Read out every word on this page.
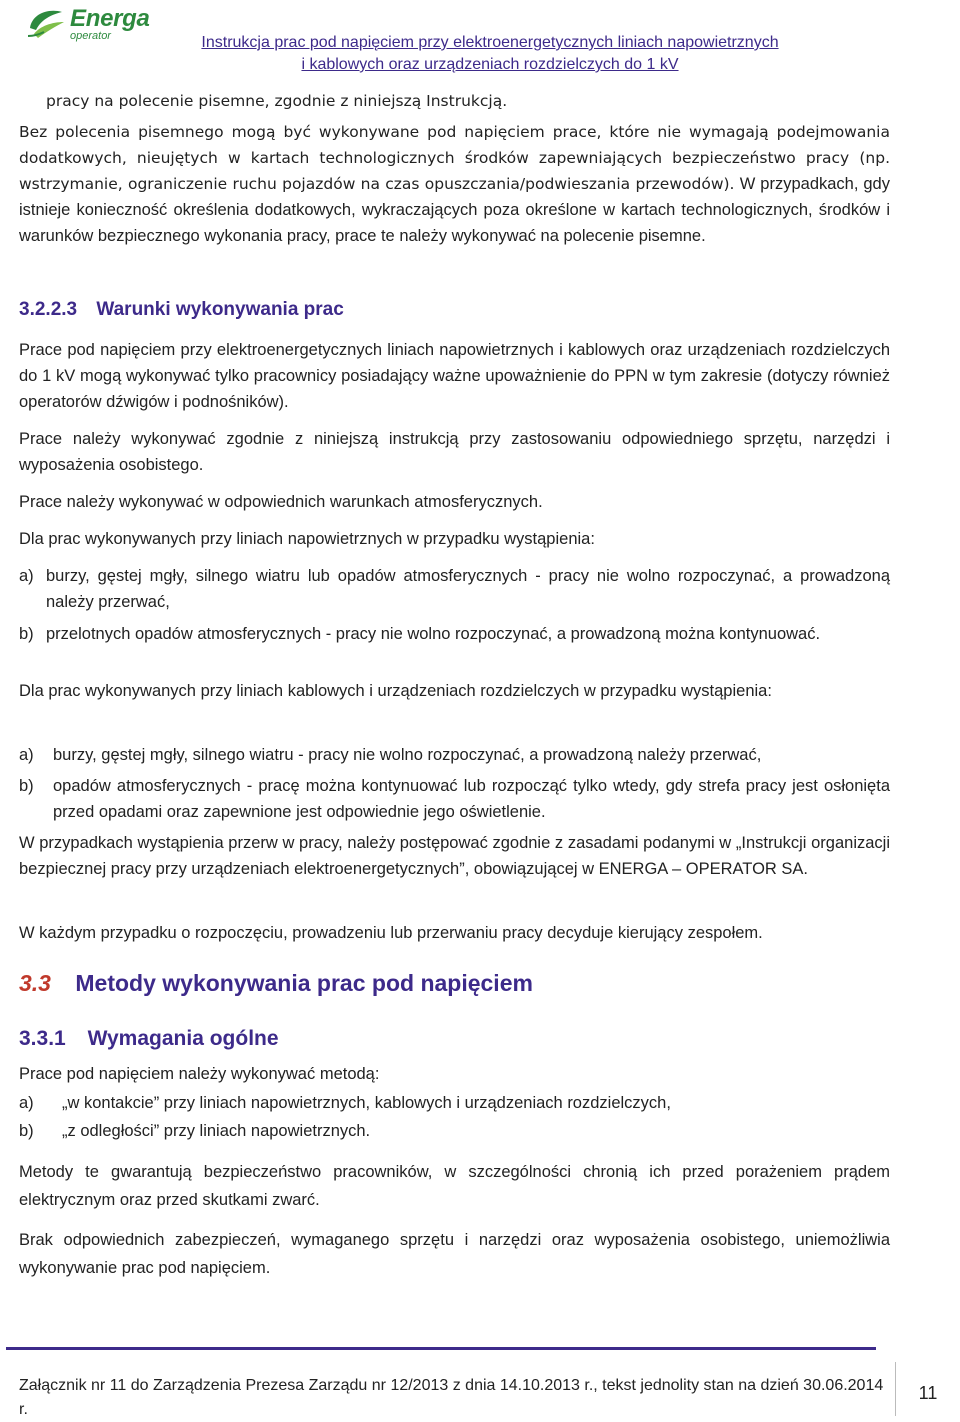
Energa
operator	Instrukcja prac pod napięciem przy elektroenergetycznych liniach napowietrznych
i kablowych oraz urządzeniach rozdzielczych do 1 kV
pracy na polecenie pisemne, zgodnie z niniejszą Instrukcją.
Bez polecenia pisemnego mogą być wykonywane pod napięciem prace, które nie wymagają podejmowania dodatkowych, nieujętych w kartach technologicznych środków zapewniających bezpieczeństwo pracy (np. wstrzymanie, ograniczenie ruchu pojazdów na czas opuszczania/podwieszania przewodów). W przypadkach, gdy istnieje konieczność określenia dodatkowych, wykraczających poza określone w kartach technologicznych, środków i warunków bezpiecznego wykonania pracy, prace te należy wykonywać na polecenie pisemne.
3.2.2.3 Warunki wykonywania prac
Prace pod napięciem przy elektroenergetycznych liniach napowietrznych i kablowych oraz urządzeniach rozdzielczych do 1 kV mogą wykonywać tylko pracownicy posiadający ważne upoważnienie do PPN w tym zakresie (dotyczy również operatorów dźwigów i podnośników).
Prace należy wykonywać zgodnie z niniejszą instrukcją przy zastosowaniu odpowiedniego sprzętu, narzędzi i wyposażenia osobistego.
Prace należy wykonywać w odpowiednich warunkach atmosferycznych.
Dla prac wykonywanych przy liniach napowietrznych w przypadku wystąpienia:
a) burzy, gęstej mgły, silnego wiatru lub opadów atmosferycznych - pracy nie wolno rozpoczynać, a prowadzoną należy przerwać,
b) przelotnych opadów atmosferycznych - pracy nie wolno rozpoczynać, a prowadzoną można kontynuować.
Dla prac wykonywanych przy liniach kablowych i urządzeniach rozdzielczych w przypadku wystąpienia:
a)	burzy, gęstej mgły, silnego wiatru - pracy nie wolno rozpoczynać, a prowadzoną należy przerwać,
b)	opadów atmosferycznych - pracę można kontynuować lub rozpocząć tylko wtedy, gdy strefa pracy jest osłonięta przed opadami oraz zapewnione jest odpowiednie jego oświetlenie.
W przypadkach wystąpienia przerw w pracy, należy postępować zgodnie z zasadami podanymi w „Instrukcji organizacji bezpiecznej pracy przy urządzeniach elektroenergetycznych”, obowiązującej w ENERGA – OPERATOR SA.
W każdym przypadku o rozpoczęciu, prowadzeniu lub przerwaniu pracy decyduje kierujący zespołem.
3.3 Metody wykonywania prac pod napięciem
3.3.1 Wymagania ogólne
Prace pod napięciem należy wykonywać metodą:
a)	„w kontakcie” przy liniach napowietrznych, kablowych i urządzeniach rozdzielczych,
b)	„z odległości” przy liniach napowietrznych.
Metody te gwarantują bezpieczeństwo pracowników, w szczególności chronią ich przed porażeniem prądem elektrycznym oraz przed skutkami zwarć.
Brak odpowiednich zabezpieczeń, wymaganego sprzętu i narzędzi oraz wyposażenia osobistego, uniemożliwia wykonywanie prac pod napięciem.
Załącznik nr 11 do Zarządzenia Prezesa Zarządu nr 12/2013 z dnia 14.10.2013 r., tekst jednolity stan na dzień 30.06.2014 r.
11
